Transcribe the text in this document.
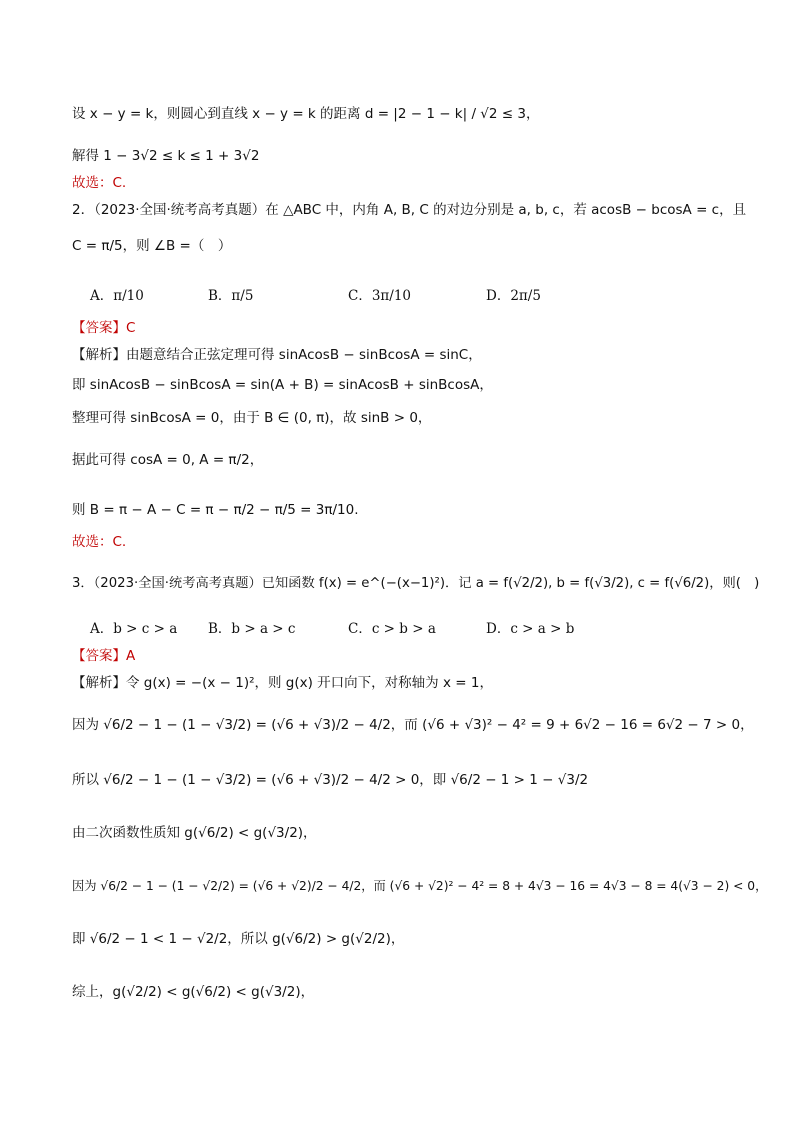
设 x − y = k，则圆心到直线 x − y = k 的距离 d = |2 − 1 − k| / √2 ≤ 3，
解得 1 − 3√2 ≤ k ≤ 1 + 3√2
故选：C.
2．（2023·全国·统考高考真题）在 △ABC 中，内角 A, B, C 的对边分别是 a, b, c，若 acosB − bcosA = c，且
C = π/5，则 ∠B =（　）
A．π/10	B．π/5	C．3π/10	D．2π/5
【答案】C
【解析】由题意结合正弦定理可得 sinAcosB − sinBcosA = sinC，
即 sinAcosB − sinBcosA = sin(A + B) = sinAcosB + sinBcosA，
整理可得 sinBcosA = 0，由于 B ∈ (0, π)，故 sinB > 0，
据此可得 cosA = 0, A = π/2，
则 B = π − A − C = π − π/2 − π/5 = 3π/10.
故选：C.
3．（2023·全国·统考高考真题）已知函数 f(x) = e^(−(x−1)²)．记 a = f(√2/2), b = f(√3/2), c = f(√6/2)，则(　)
A．b > c > a B．b > a > c	C．c > b > a	D．c > a > b
【答案】A
【解析】令 g(x) = −(x − 1)²，则 g(x) 开口向下，对称轴为 x = 1，
因为 √6/2 − 1 − (1 − √3/2) = (√6 + √3)/2 − 4/2，而 (√6 + √3)² − 4² = 9 + 6√2 − 16 = 6√2 − 7 > 0，
所以 √6/2 − 1 − (1 − √3/2) = (√6 + √3)/2 − 4/2 > 0，即 √6/2 − 1 > 1 − √3/2
由二次函数性质知 g(√6/2) < g(√3/2)，
因为 √6/2 − 1 − (1 − √2/2) = (√6 + √2)/2 − 4/2，而 (√6 + √2)² − 4² = 8 + 4√3 − 16 = 4√3 − 8 = 4(√3 − 2) < 0，
即 √6/2 − 1 < 1 − √2/2，所以 g(√6/2) > g(√2/2)，
综上，g(√2/2) < g(√6/2) < g(√3/2)，
